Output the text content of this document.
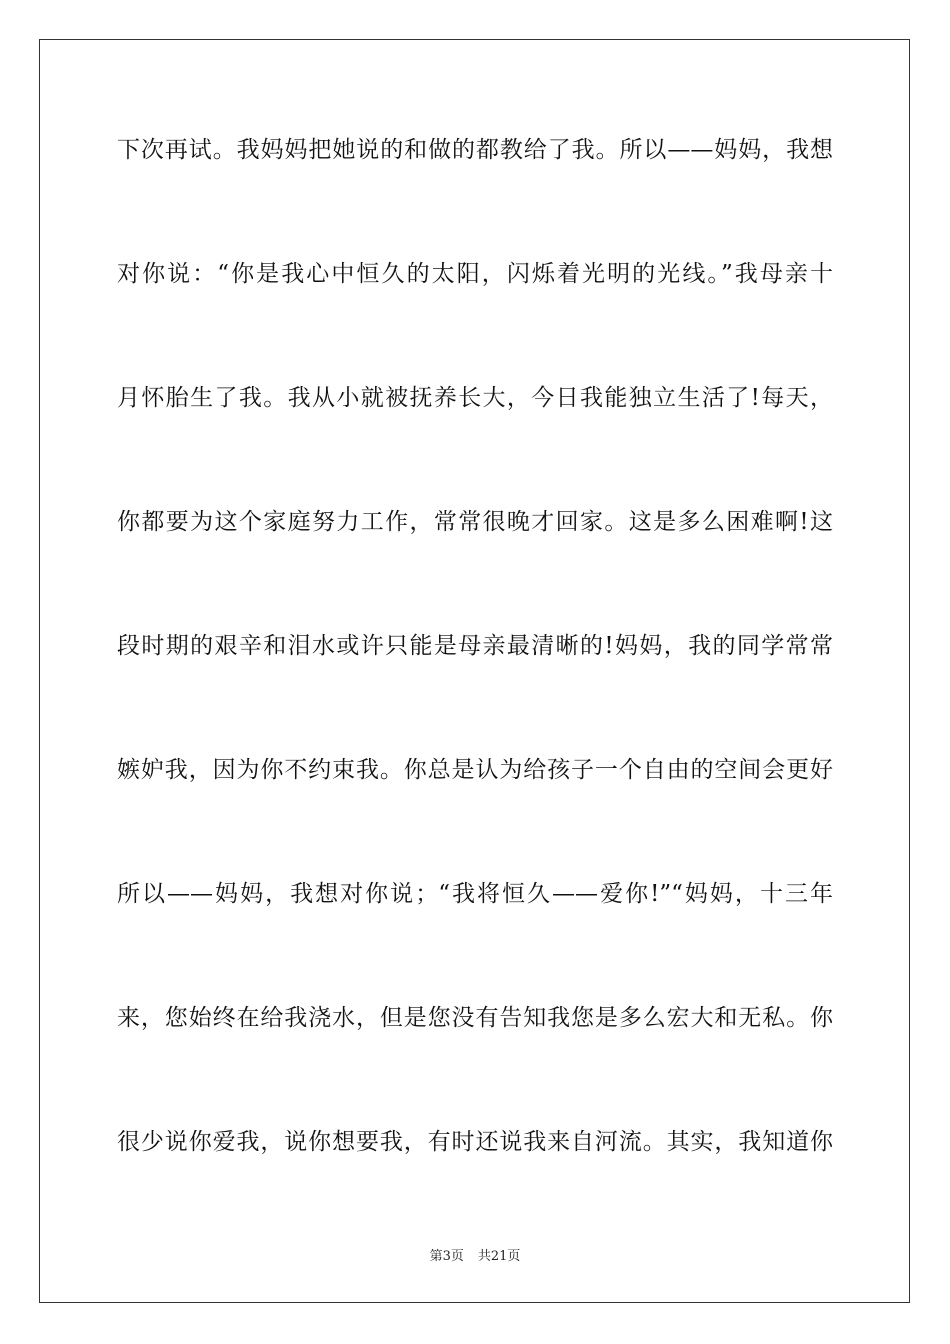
下次再试。我妈妈把她说的和做的都教给了我。所以——妈妈，我想
对你说：“你是我心中恒久的太阳，闪烁着光明的光线。”我母亲十
月怀胎生了我。我从小就被抚养长大，今日我能独立生活了!每天，
你都要为这个家庭努力工作，常常很晚才回家。这是多么困难啊!这
段时期的艰辛和泪水或许只能是母亲最清晰的!妈妈，我的同学常常
嫉妒我，因为你不约束我。你总是认为给孩子一个自由的空间会更好
所以——妈妈，我想对你说；“我将恒久——爱你!”“妈妈，十三年
来，您始终在给我浇水，但是您没有告知我您是多么宏大和无私。你
很少说你爱我，说你想要我，有时还说我来自河流。其实，我知道你
第3页 共21页
